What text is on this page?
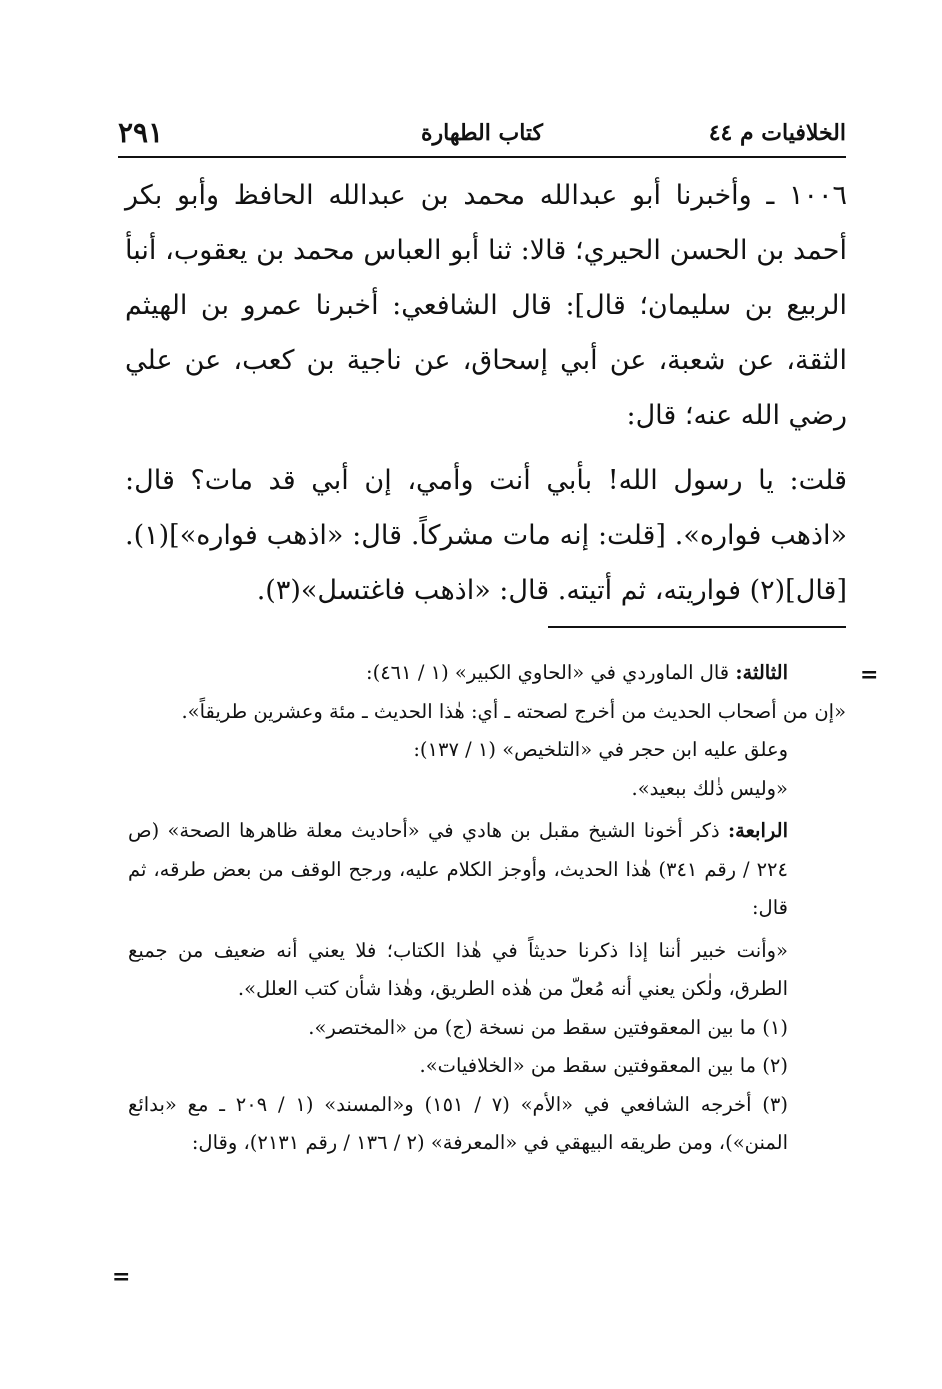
٢٩١	كتاب الطهارة	الخلافيات م ٤٤

١٠٠٦ ـ وأخبرنا أبو عبدالله محمد بن عبدالله الحافظ وأبو بكر أحمد بن الحسن الحيري؛ قالا: ثنا أبو العباس محمد بن يعقوب، أنبأ الربيع بن سليمان؛ قال]: قال الشافعي: أخبرنا عمرو بن الهيثم الثقة، عن شعبة، عن أبي إسحاق، عن ناجية بن كعب، عن علي رضي الله عنه؛ قال:

قلت: يا رسول الله! بأبي أنت وأمي، إن أبي قد مات؟ قال: «اذهب فواره». [قلت: إنه مات مشركاً. قال: «اذهب فواره»](١). [قال](٢) فواريته، ثم أتيته. قال: «اذهب فاغتسل»(٣).

=

الثالثة: قال الماوردي في «الحاوي الكبير» (١ / ٤٦١):

«إن من أصحاب الحديث من أخرج لصحته ـ أي: هٰذا الحديث ـ مئة وعشرين طريقاً».

وعلق عليه ابن حجر في «التلخيص» (١ / ١٣٧):

«وليس ذٰلك ببعيد».

الرابعة: ذكر أخونا الشيخ مقبل بن هادي في «أحاديث معلة ظاهرها الصحة» (ص ٢٢٤ / رقم ٣٤١) هٰذا الحديث، وأوجز الكلام عليه، ورجح الوقف من بعض طرقه، ثم قال:

«وأنت خبير أننا إذا ذكرنا حديثاً في هٰذا الكتاب؛ فلا يعني أنه ضعيف من جميع الطرق، ولٰكن يعني أنه مُعلّ من هٰذه الطريق، وهٰذا شأن كتب العلل».

(١) ما بين المعقوفتين سقط من نسخة (ج) من «المختصر».

(٢) ما بين المعقوفتين سقط من «الخلافيات».

(٣) أخرجه الشافعي في «الأم» (٧ / ١٥١) و«المسند» (١ / ٢٠٩ ـ مع «بدائع المنن»)، ومن طريقه البيهقي في «المعرفة» (٢ / ١٣٦ / رقم ٢١٣١)، وقال:

=
